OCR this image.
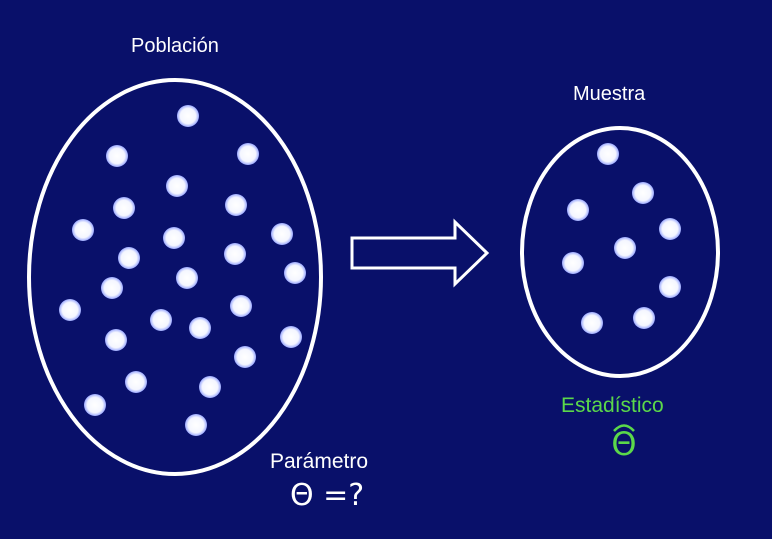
Población
Muestra
Parámetro
Θ =?
Estadístico
Θ
